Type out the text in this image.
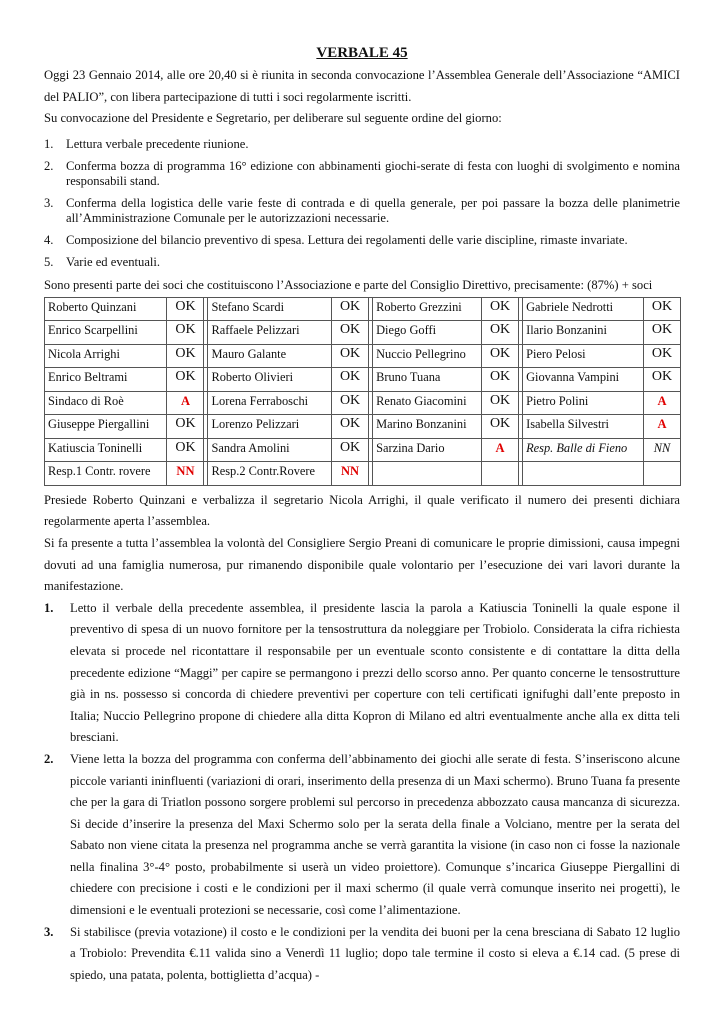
VERBALE 45
Oggi 23 Gennaio 2014, alle ore 20,40 si è riunita in seconda convocazione l’Assemblea Generale dell’Associazione “AMICI del PALIO”, con libera partecipazione di tutti i soci regolarmente iscritti.
Su convocazione del Presidente e Segretario, per deliberare sul seguente ordine del giorno:
1. Lettura verbale precedente riunione.
2. Conferma bozza di programma 16° edizione con abbinamenti giochi-serate di festa con luoghi di svolgimento e nomina responsabili stand.
3. Conferma della logistica delle varie feste di contrada e di quella generale, per poi passare la bozza delle planimetrie all’Amministrazione Comunale per le autorizzazioni necessarie.
4. Composizione del bilancio preventivo di spesa. Lettura dei regolamenti delle varie discipline, rimaste invariate.
5. Varie ed eventuali.
Sono presenti parte dei soci che costituiscono l’Associazione e parte del Consiglio Direttivo, precisamente: (87%) + soci
Roberto Quinzani	OK		Stefano Scardi	OK		Roberto Grezzini	OK		Gabriele Nedrotti	OK
Enrico Scarpellini	OK		Raffaele Pelizzari	OK		Diego Goffi	OK		Ilario Bonzanini	OK
Nicola Arrighi	OK		Mauro Galante	OK		Nuccio Pellegrino	OK		Piero Pelosi	OK
Enrico Beltrami	OK		Roberto Olivieri	OK		Bruno Tuana	OK		Giovanna Vampini	OK
Sindaco di Roè	A		Lorena Ferraboschi	OK		Renato Giacomini	OK		Pietro Polini	A
Giuseppe Piergallini	OK		Lorenzo Pelizzari	OK		Marino Bonzanini	OK		Isabella Silvestri	A
Katiuscia Toninelli	OK		Sandra Amolini	OK		Sarzina Dario	A		Resp. Balle di Fieno	NN
Resp.1 Contr. rovere	NN		Resp.2 Contr.Rovere	NN						
Presiede Roberto Quinzani e verbalizza il segretario Nicola Arrighi, il quale verificato il numero dei presenti dichiara regolarmente aperta l’assemblea.
Si fa presente a tutta l’assemblea la volontà del Consigliere Sergio Preani di comunicare le proprie dimissioni, causa impegni dovuti ad una famiglia numerosa, pur rimanendo disponibile quale volontario per l’esecuzione dei vari lavori durante la manifestazione.
1.	Letto il verbale della precedente assemblea, il presidente lascia la parola a Katiuscia Toninelli la quale espone il preventivo di spesa di un nuovo fornitore per la tensostruttura da noleggiare per Trobiolo. Considerata la cifra richiesta elevata si procede nel ricontattare il responsabile per un eventuale sconto consistente e di contattare la ditta della precedente edizione “Maggi” per capire se permangono i prezzi dello scorso anno. Per quanto concerne le tensostrutture già in ns. possesso si concorda di chiedere preventivi per coperture con teli certificati ignifughi dall’ente preposto in Italia; Nuccio Pellegrino propone di chiedere alla ditta Kopron di Milano ed altri eventualmente anche alla ex ditta teli bresciani.
2.	Viene letta la bozza del programma con conferma dell’abbinamento dei giochi alle serate di festa. S’inseriscono alcune piccole varianti ininfluenti (variazioni di orari, inserimento della presenza di un Maxi schermo). Bruno Tuana fa presente che per la gara di Triatlon possono sorgere problemi sul percorso in precedenza abbozzato causa mancanza di sicurezza. Si decide d’inserire la presenza del Maxi Schermo solo per la serata della finale a Volciano, mentre per la serata del Sabato non viene citata la presenza nel programma anche se verrà garantita la visione (in caso non ci fosse la nazionale nella finalina 3°-4° posto, probabilmente si userà un video proiettore). Comunque s’incarica Giuseppe Piergallini di chiedere con precisione i costi e le condizioni per il maxi schermo (il quale verrà comunque inserito nei progetti), le dimensioni e le eventuali protezioni se necessarie, così come l’alimentazione.
3.	Si stabilisce (previa votazione) il costo e le condizioni per la vendita dei buoni per la cena bresciana di Sabato 12 luglio a Trobiolo: Prevendita €.11 valida sino a Venerdì 11 luglio; dopo tale termine il costo si eleva a €.14 cad. (5 prese di spiedo, una patata, polenta, bottiglietta d’acqua) -
